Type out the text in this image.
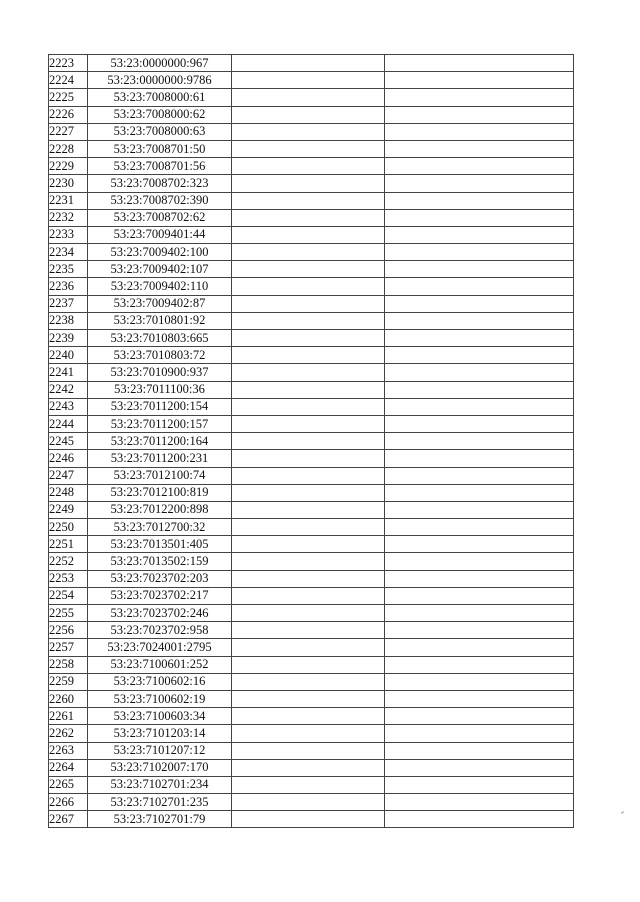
2223	53:23:0000000:967		
2224	53:23:0000000:9786		
2225	53:23:7008000:61		
2226	53:23:7008000:62		
2227	53:23:7008000:63		
2228	53:23:7008701:50		
2229	53:23:7008701:56		
2230	53:23:7008702:323		
2231	53:23:7008702:390		
2232	53:23:7008702:62		
2233	53:23:7009401:44		
2234	53:23:7009402:100		
2235	53:23:7009402:107		
2236	53:23:7009402:110		
2237	53:23:7009402:87		
2238	53:23:7010801:92		
2239	53:23:7010803:665		
2240	53:23:7010803:72		
2241	53:23:7010900:937		
2242	53:23:7011100:36		
2243	53:23:7011200:154		
2244	53:23:7011200:157		
2245	53:23:7011200:164		
2246	53:23:7011200:231		
2247	53:23:7012100:74		
2248	53:23:7012100:819		
2249	53:23:7012200:898		
2250	53:23:7012700:32		
2251	53:23:7013501:405		
2252	53:23:7013502:159		
2253	53:23:7023702:203		
2254	53:23:7023702:217		
2255	53:23:7023702:246		
2256	53:23:7023702:958		
2257	53:23:7024001:2795		
2258	53:23:7100601:252		
2259	53:23:7100602:16		
2260	53:23:7100602:19		
2261	53:23:7100603:34		
2262	53:23:7101203:14		
2263	53:23:7101207:12		
2264	53:23:7102007:170		
2265	53:23:7102701:234		
2266	53:23:7102701:235		
2267	53:23:7102701:79		
